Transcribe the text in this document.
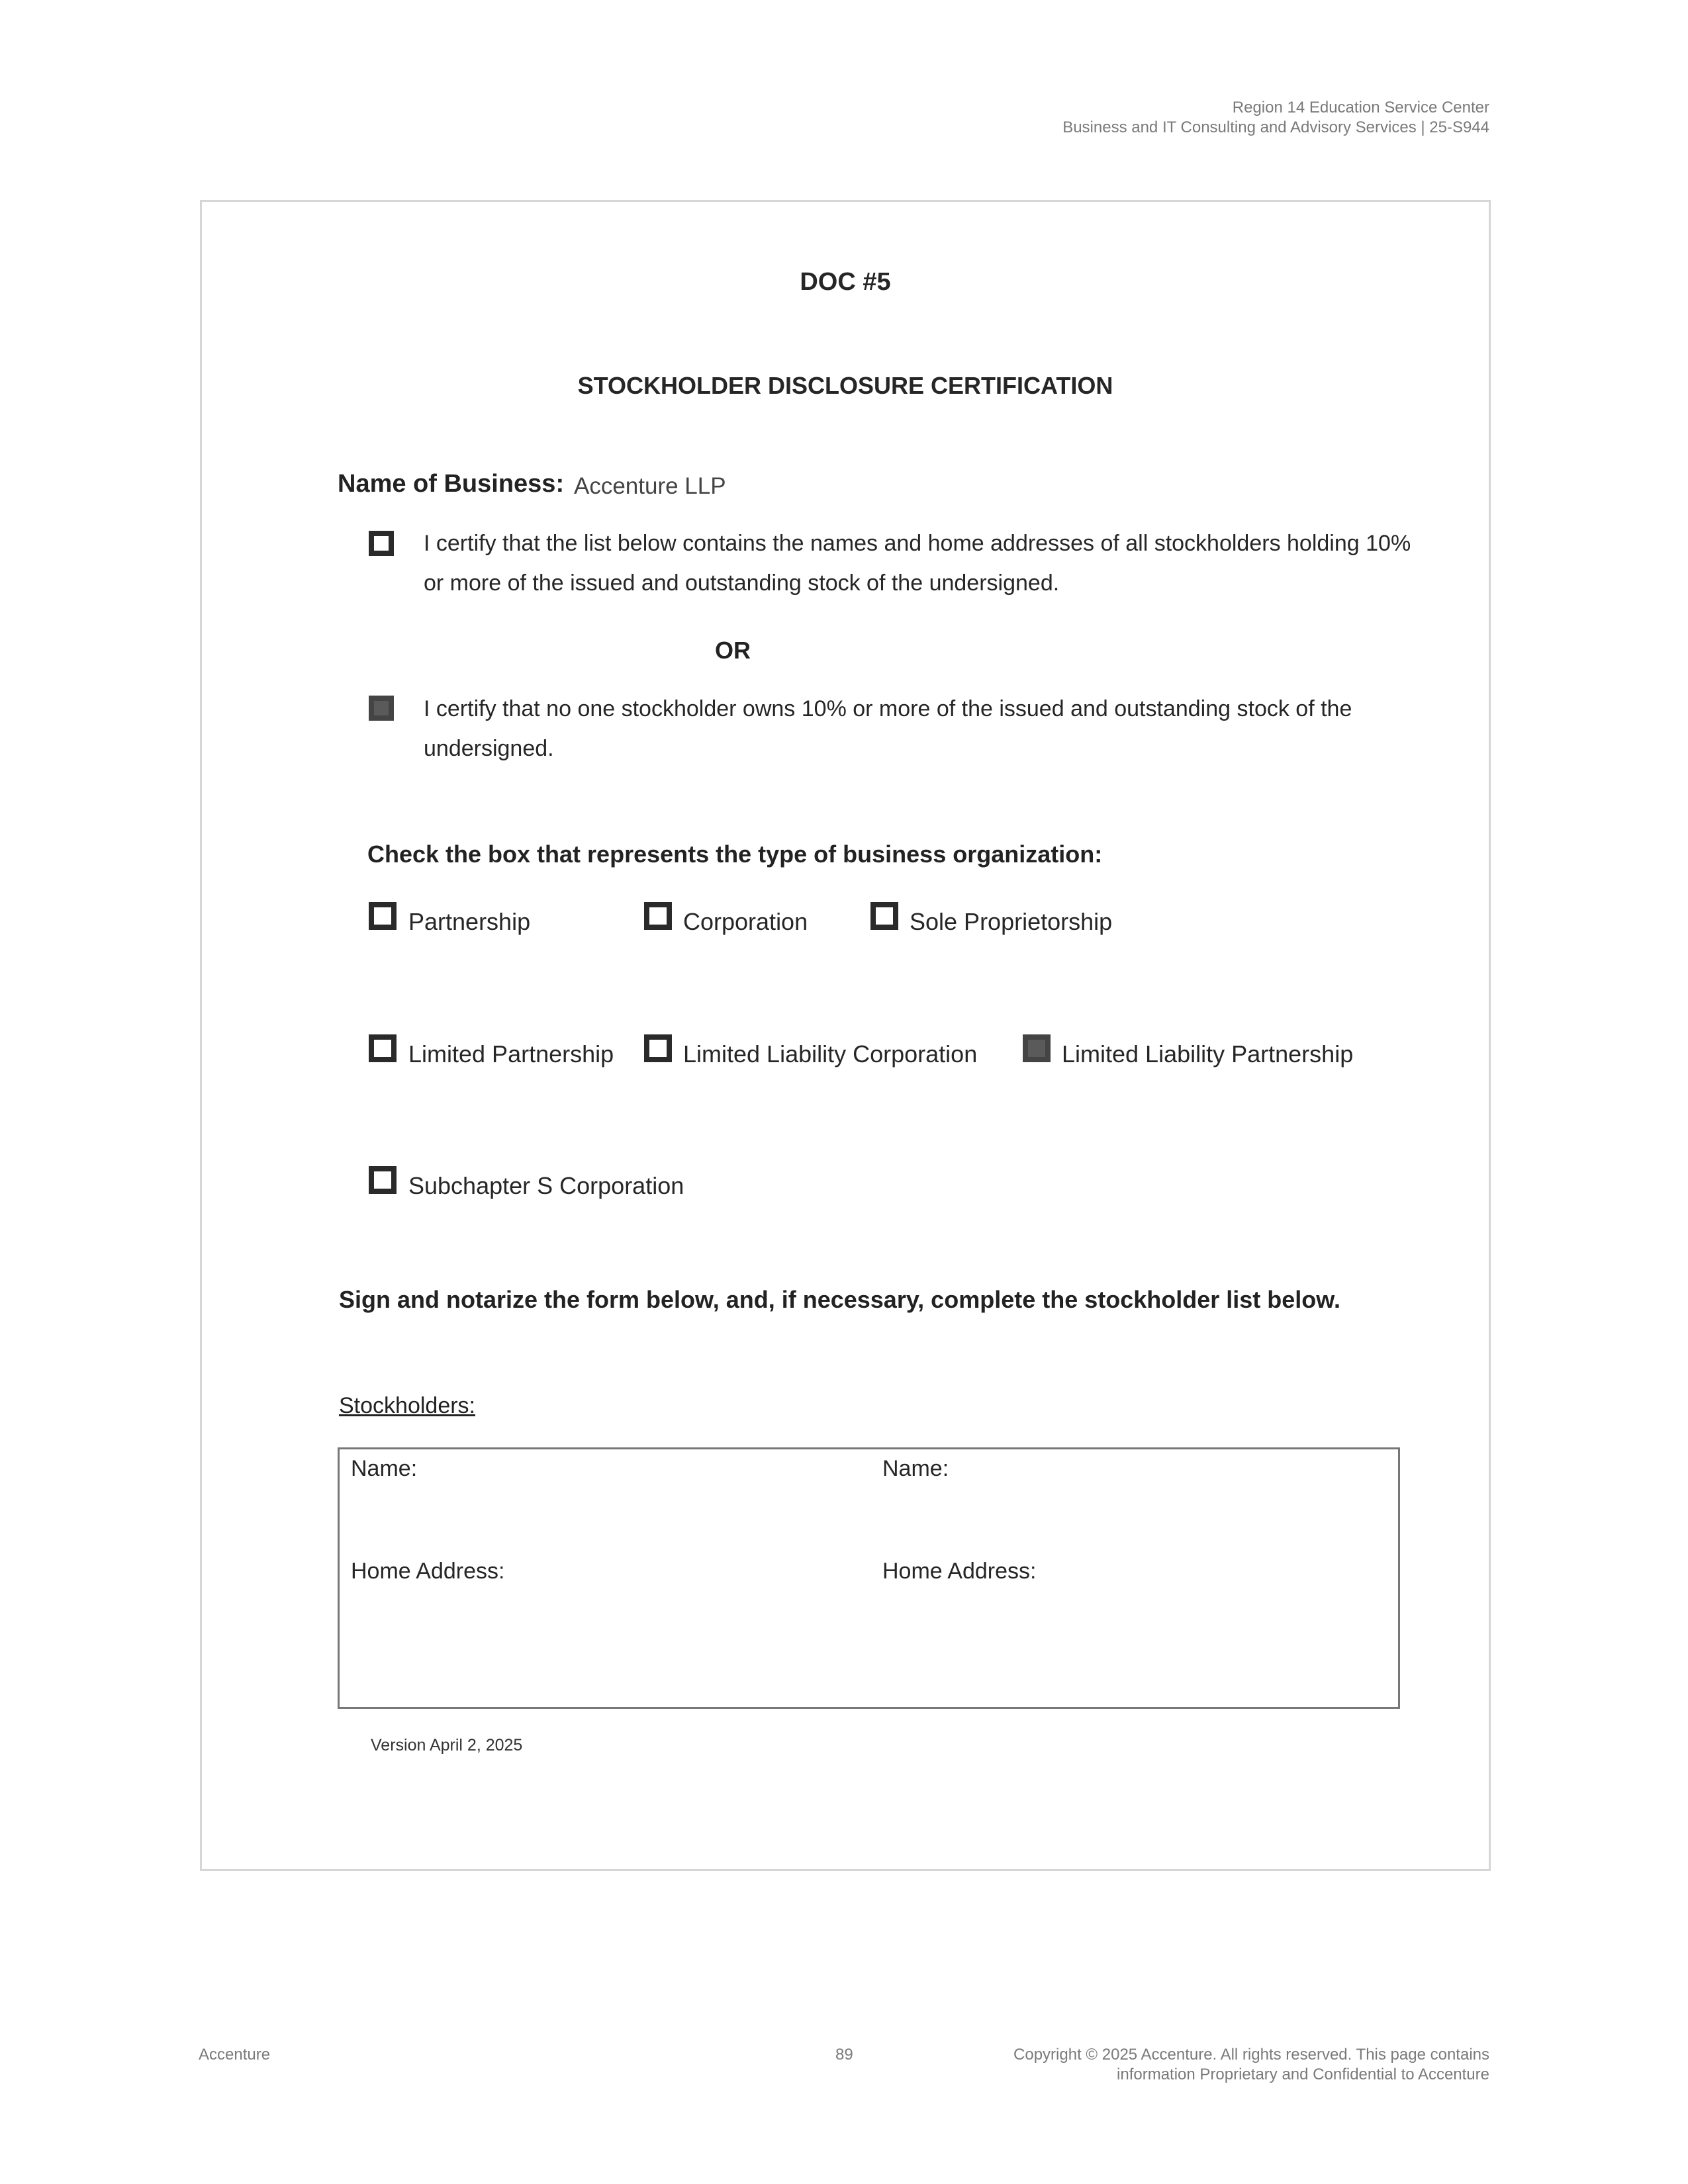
Region 14 Education Service Center
Business and IT Consulting and Advisory Services | 25-S944
DOC #5
STOCKHOLDER DISCLOSURE CERTIFICATION
Name of Business: Accenture LLP
I certify that the list below contains the names and home addresses of all stockholders holding 10% or more of the issued and outstanding stock of the undersigned.
OR
I certify that no one stockholder owns 10% or more of the issued and outstanding stock of the undersigned.
Check the box that represents the type of business organization:
Partnership	Corporation	Sole Proprietorship
Limited Partnership	Limited Liability Corporation	Limited Liability Partnership
Subchapter S Corporation
Sign and notarize the form below, and, if necessary, complete the stockholder list below.
Stockholders:
Name:	Name:
Home Address:	Home Address:
Version April 2, 2025
Accenture	89	Copyright © 2025 Accenture. All rights reserved. This page contains
information Proprietary and Confidential to Accenture
